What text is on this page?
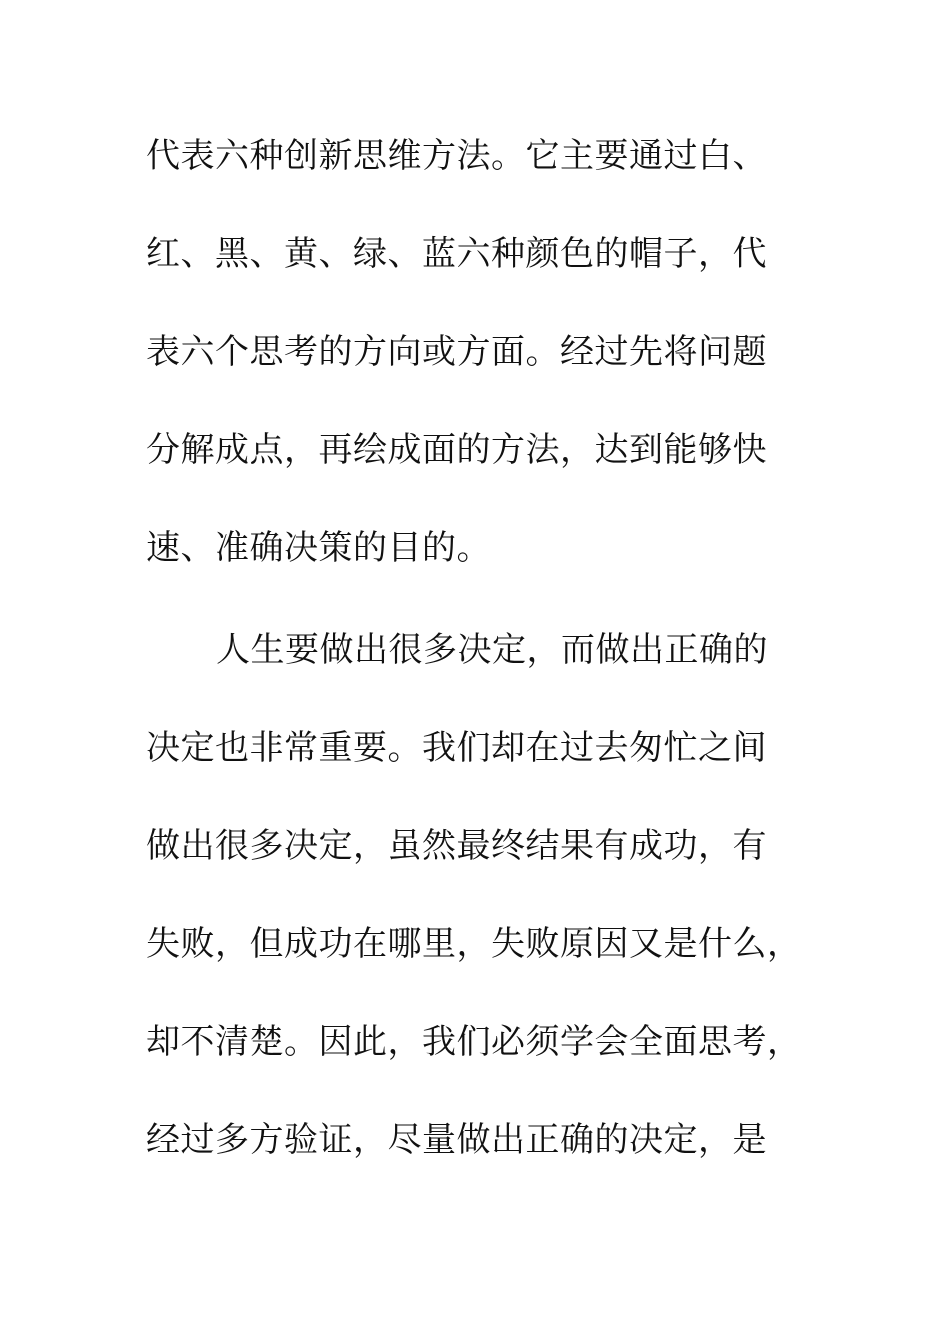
代表六种创新思维方法。它主要通过白、
红、黑、黄、绿、蓝六种颜色的帽子，代
表六个思考的方向或方面。经过先将问题
分解成点，再绘成面的方法，达到能够快
速、准确决策的目的。
人生要做出很多决定，而做出正确的
决定也非常重要。我们却在过去匆忙之间
做出很多决定，虽然最终结果有成功，有
失败，但成功在哪里，失败原因又是什么，
却不清楚。因此，我们必须学会全面思考，
经过多方验证，尽量做出正确的决定，是
